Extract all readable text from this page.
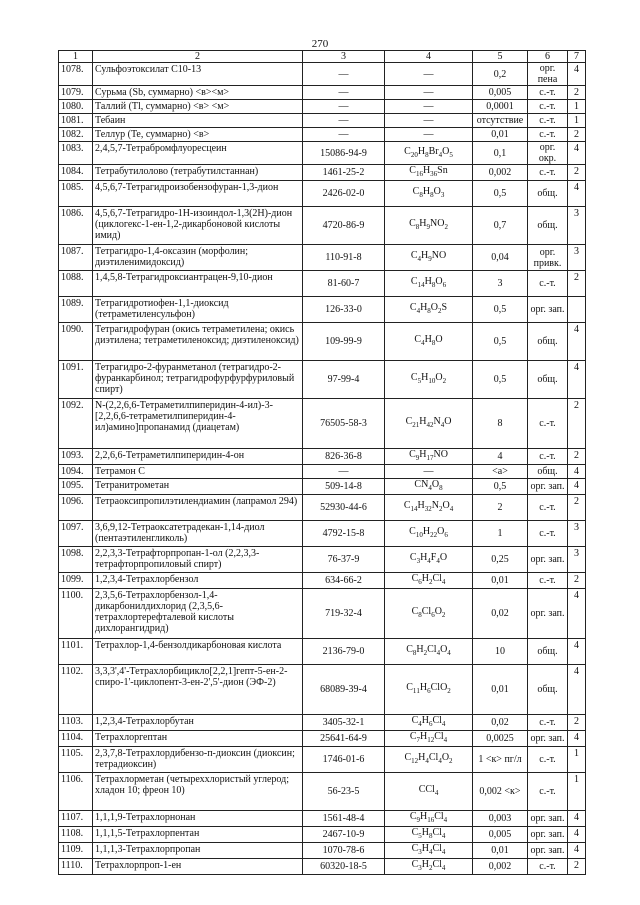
270
1	2	3	4	5	6	7
1078.	Сульфоэтоксилат С10-13	—	—	0,2	орг. пена	4
1079.	Сурьма (Sb, суммарно) <в><м>	—	—	0,005	с.-т.	2
1080.	Таллий (Tl, суммарно) <в> <м>	—	—	0,0001	с.-т.	1
1081.	Тебаин	—	—	отсутствие	с.-т.	1
1082.	Теллур (Te, суммарно) <в>	—	—	0,01	с.-т.	2
1083.	2,4,5,7-Тетрабромфлуоресцеин	15086-94-9	$C_{20}H_8Br_4O_5$	0,1	орг. окр.	4
1084.	Тетрабутилолово (тетрабутилстаннан)	1461-25-2	$C_{16}H_{36}Sn$	0,002	с.-т.	2
1085.	4,5,6,7-Тетрагидроизобензофуран-1,3-дион	2426-02-0	$C_8H_8O_3$	0,5	общ.	4
1086.	4,5,6,7-Тетрагидро-1Н-изоиндол-1,3(2Н)-дион (циклогекс-1-ен-1,2-дикарбоновой кислоты имид)	4720-86-9	$C_8H_9NO_2$	0,7	общ.	3
1087.	Тетрагидро-1,4-оксазин (морфолин; диэтиленимидоксид)	110-91-8	$C_4H_9NO$	0,04	орг. привк.	3
1088.	1,4,5,8-Тетрагидроксиантрацен-9,10-дион	81-60-7	$C_{14}H_8O_6$	3	с.-т.	2
1089.	Тетрагидротиофен-1,1-диоксид (тетраметиленсульфон)	126-33-0	$C_4H_8O_2S$	0,5	орг. зап.	
1090.	Тетрагидрофуран (окись тетраметилена; окись диэтилена; тетраметиленоксид; диэтиленоксид)	109-99-9	$C_4H_8O$	0,5	общ.	4
1091.	Тетрагидро-2-фуранметанол (тетрагидро-2-фуранкарбинол; тетрагидрофурфурфуриловый спирт)	97-99-4	$C_5H_{10}O_2$	0,5	общ.	4
1092.	N-(2,2,6,6-Тетраметилпиперидин-4-ил)-3- [2,2,6,6-тетраметилпиперидин-4-ил)амино]пропанамид (диацетам)	76505-58-3	$C_{21}H_{42}N_4O$	8	с.-т.	2
1093.	2,2,6,6-Тетраметилпиперидин-4-он	826-36-8	$C_9H_{17}NO$	4	с.-т.	2
1094.	Тетрамон С	—	—	<a>	общ.	4
1095.	Тетранитрометан	509-14-8	$CN_4O_8$	0,5	орг. зап.	4
1096.	Тетраоксипропилэтилендиамин (лапрамол 294)	52930-44-6	$C_{14}H_{32}N_2O_4$	2	с.-т.	2
1097.	3,6,9,12-Тетраоксатетрадекан-1,14-диол (пентаэтиленгликоль)	4792-15-8	$C_{10}H_{22}O_6$	1	с.-т.	3
1098.	2,2,3,3-Тетрафторпропан-1-ол (2,2,3,3-тетрафторпропиловый спирт)	76-37-9	$C_3H_4F_4O$	0,25	орг. зап.	3
1099.	1,2,3,4-Тетрахлорбензол	634-66-2	$C_6H_2Cl_4$	0,01	с.-т.	2
1100.	2,3,5,6-Тетрахлорбензол-1,4-дикарбонилдихлорид (2,3,5,6-тетрахлортерефталевой кислоты дихлорангидрид)	719-32-4	$C_8Cl_6O_2$	0,02	орг. зап.	4
1101.	Тетрахлор-1,4-бензолдикарбоновая кислота	2136-79-0	$C_8H_2Cl_4O_4$	10	общ.	4
1102.	3,3,3',4'-Тетрахлорбицикло[2,2,1]гепт-5-ен-2- спиро-1'-циклопент-3-ен-2',5'-дион (ЭФ-2)	68089-39-4	$C_{11}H_6ClO_2$	0,01	общ.	4
1103.	1,2,3,4-Тетрахлорбутан	3405-32-1	$C_4H_6Cl_4$	0,02	с.-т.	2
1104.	Тетрахлоргептан	25641-64-9	$C_7H_{12}Cl_4$	0,0025	орг. зап.	4
1105.	2,3,7,8-Тетрахлордибензо-п-диоксин (диоксин; тетрадиоксин)	1746-01-6	$C_{12}H_4Cl_4O_2$	1 <к> пг/л	с.-т.	1
1106.	Тетрахлорметан (четыреххлористый углерод; хладон 10; фреон 10)	56-23-5	CCl$_4$	0,002 <к>	с.-т.	1
1107.	1,1,1,9-Тетрахлорнонан	1561-48-4	$C_9H_{16}Cl_4$	0,003	орг. зап.	4
1108.	1,1,1,5-Тетрахлорпентан	2467-10-9	$C_5H_8Cl_4$	0,005	орг. зап.	4
1109.	1,1,1,3-Тетрахлорпропан	1070-78-6	$C_3H_4Cl_4$	0,01	орг. зап.	4
1110.	Тетрахлорпроп-1-ен	60320-18-5	$C_3H_2Cl_4$	0,002	с.-т.	2
